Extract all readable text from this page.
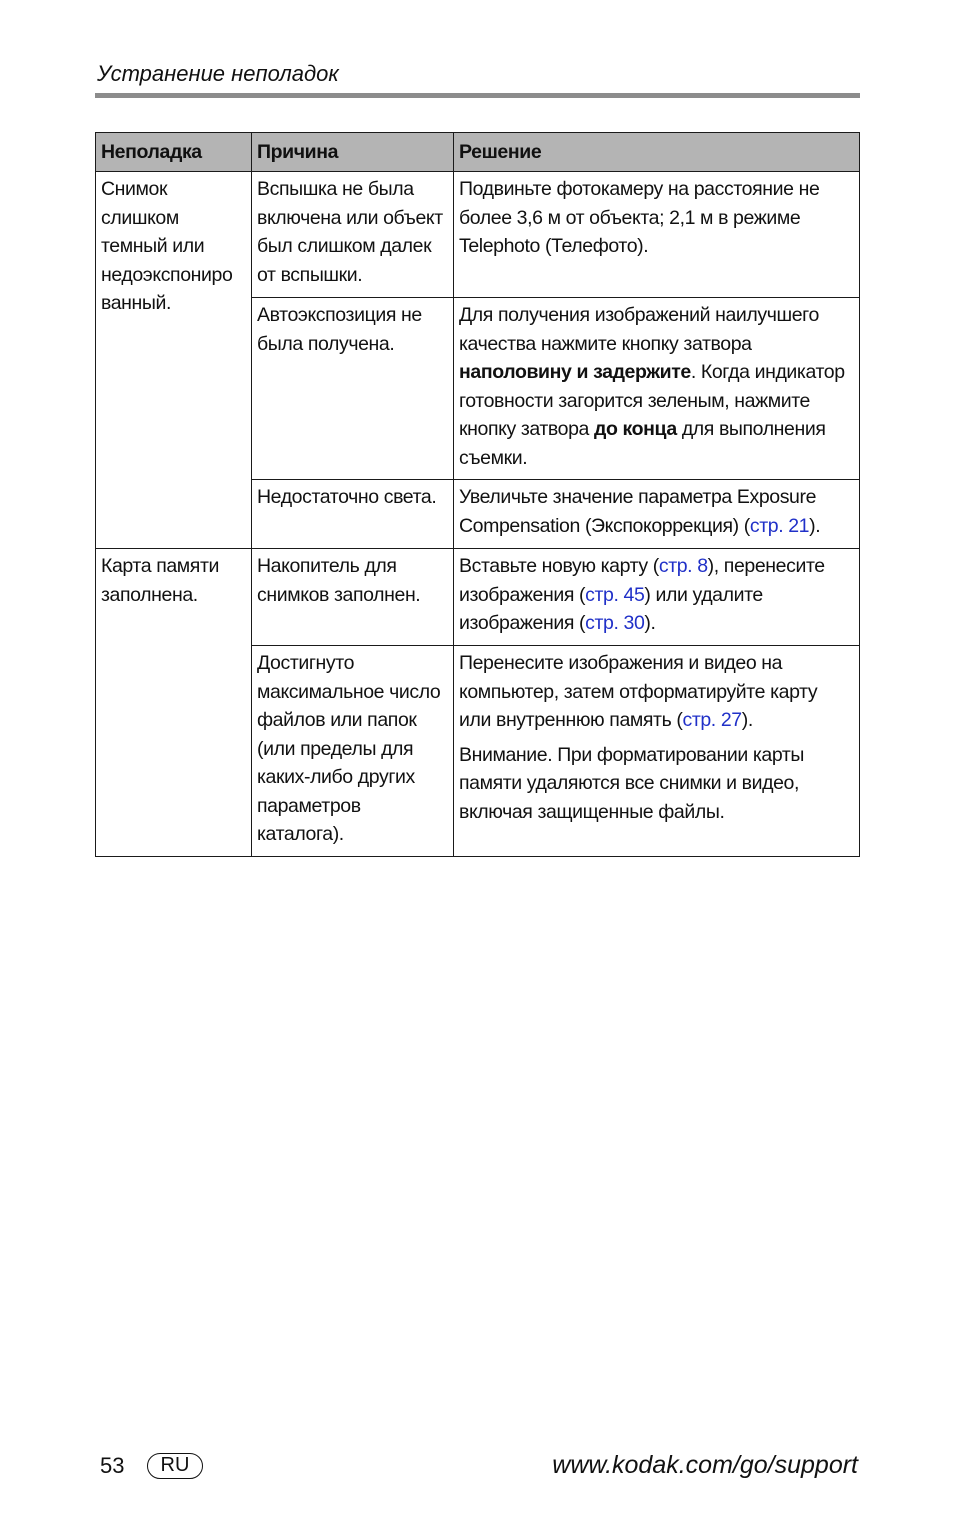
Устранение неполадок
Неполадка	Причина	Решение
Снимок слишком темный или недоэкспониро ванный.	Вспышка не была включена или объект был слишком далек от вспышки.	Подвиньте фотокамеру на расстояние не более 3,6 м от объекта; 2,1 м в режиме Telephoto (Телефото).
	Автоэкспозиция не была получена.	Для получения изображений наилучшего качества нажмите кнопку затвора наполовину и задержите. Когда индикатор готовности загорится зеленым, нажмите кнопку затвора до конца для выполнения съемки.
	Недостаточно света.	Увеличьте значение параметра Exposure Compensation (Экспокоррекция) (стр. 21).
Карта памяти заполнена.	Накопитель для снимков заполнен.	Вставьте новую карту (стр. 8), перенесите изображения (стр. 45) или удалите изображения (стр. 30).
	Достигнуто максимальное число файлов или папок (или пределы для каких-либо других параметров каталога).	Перенесите изображения и видео на компьютер, затем отформатируйте карту или внутреннюю память (стр. 27).
Внимание. При форматировании карты памяти удаляются все снимки и видео, включая защищенные файлы.
53	RU	www.kodak.com/go/support
